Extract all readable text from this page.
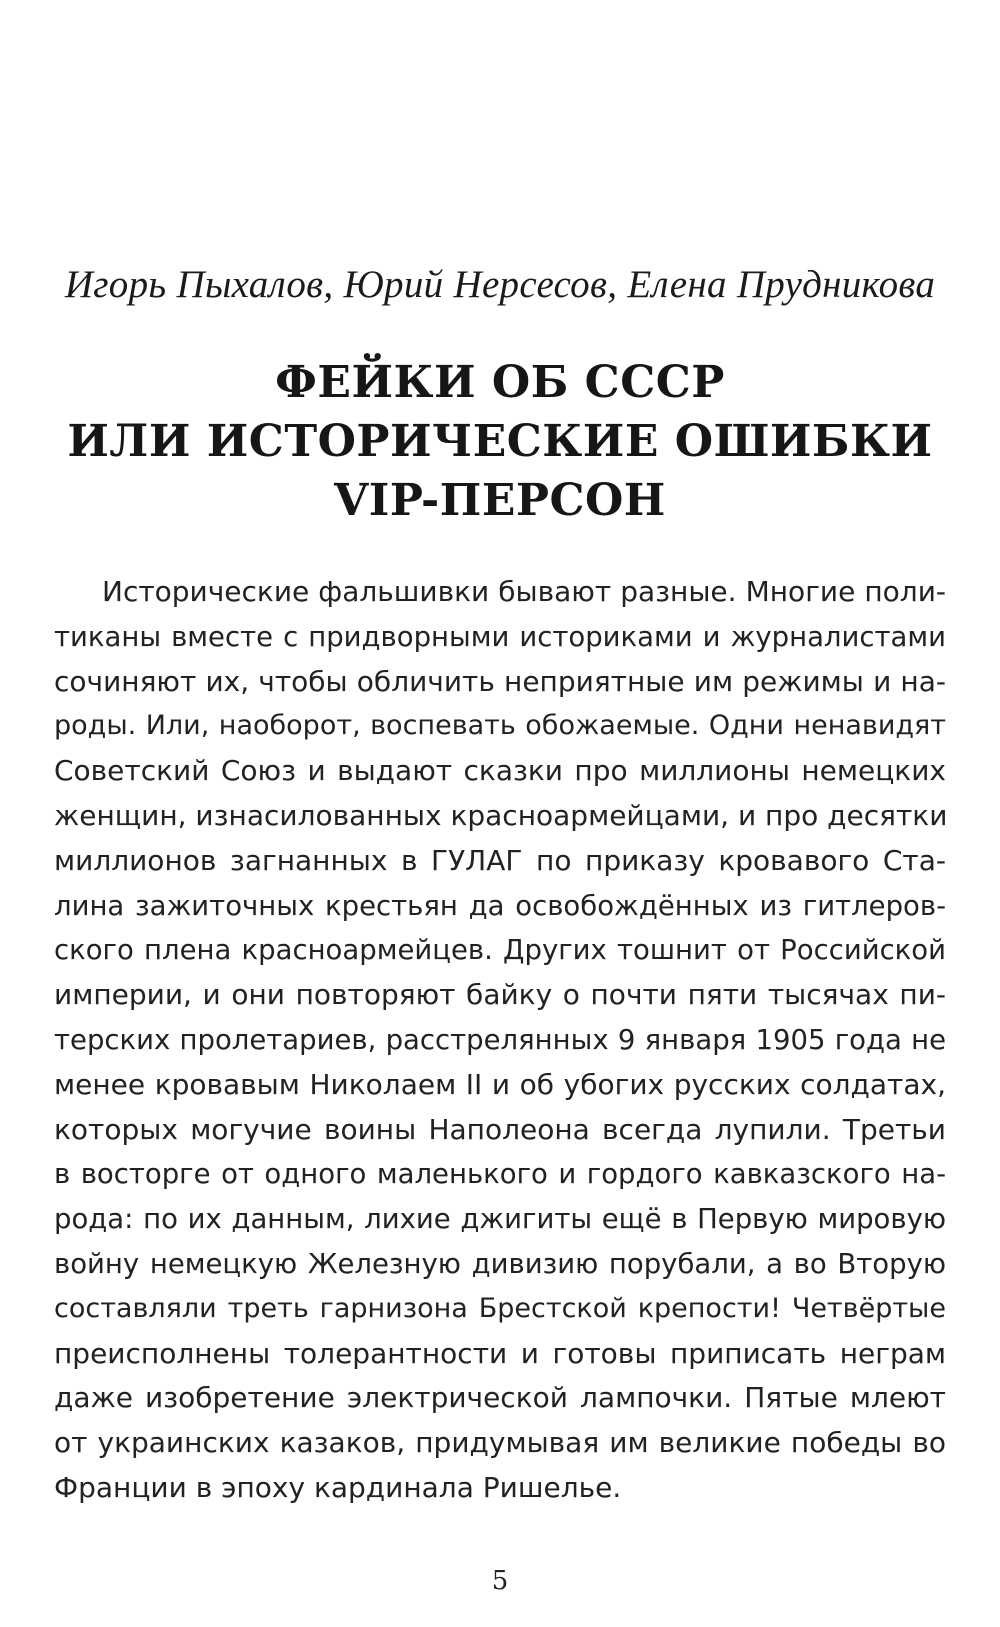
Игорь Пыхалов, Юрий Нерсесов, Елена Прудникова
ФЕЙКИ ОБ СССР
ИЛИ ИСТОРИЧЕСКИЕ ОШИБКИ
VIP-ПЕРСОН
Исторические фальшивки бывают разные. Многие поли-
тиканы вместе с придворными историками и журналистами
сочиняют их, чтобы обличить неприятные им режимы и на-
роды. Или, наоборот, воспевать обожаемые. Одни ненавидят
Советский Союз и выдают сказки про миллионы немецких
женщин, изнасилованных красноармейцами, и про десятки
миллионов загнанных в ГУЛАГ по приказу кровавого Ста-
лина зажиточных крестьян да освобождённых из гитлеров-
ского плена красноармейцев. Других тошнит от Российской
империи, и они повторяют байку о почти пяти тысячах пи-
терских пролетариев, расстрелянных 9 января 1905 года не
менее кровавым Николаем II и об убогих русских солдатах,
которых могучие воины Наполеона всегда лупили. Третьи
в восторге от одного маленького и гордого кавказского на-
рода: по их данным, лихие джигиты ещё в Первую мировую
войну немецкую Железную дивизию порубали, а во Вторую
составляли треть гарнизона Брестской крепости! Четвёртые
преисполнены толерантности и готовы приписать неграм
даже изобретение электрической лампочки. Пятые млеют
от украинских казаков, придумывая им великие победы во
Франции в эпоху кардинала Ришелье.
5
